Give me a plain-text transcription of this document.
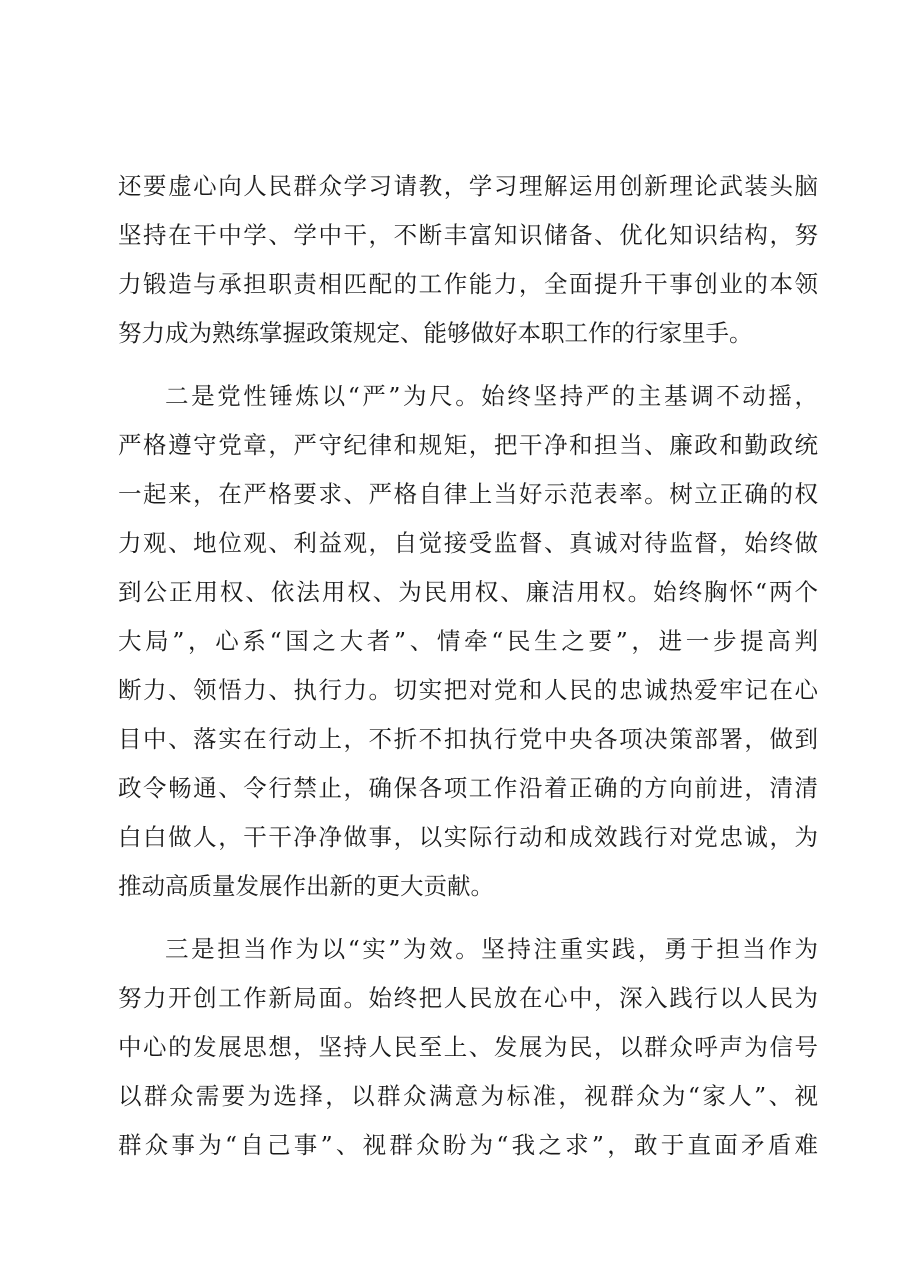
还要虚心向人民群众学习请教，学习理解运用创新理论武装头脑
坚持在干中学、学中干，不断丰富知识储备、优化知识结构，努
力锻造与承担职责相匹配的工作能力，全面提升干事创业的本领
努力成为熟练掌握政策规定、能够做好本职工作的行家里手。
二是党性锤炼以“严”为尺。始终坚持严的主基调不动摇，
严格遵守党章，严守纪律和规矩，把干净和担当、廉政和勤政统
一起来，在严格要求、严格自律上当好示范表率。树立正确的权
力观、地位观、利益观，自觉接受监督、真诚对待监督，始终做
到公正用权、依法用权、为民用权、廉洁用权。始终胸怀“两个
大局”，心系“国之大者”、情牵“民生之要”，进一步提高判
断力、领悟力、执行力。切实把对党和人民的忠诚热爱牢记在心
目中、落实在行动上，不折不扣执行党中央各项决策部署，做到
政令畅通、令行禁止，确保各项工作沿着正确的方向前进，清清
白白做人，干干净净做事，以实际行动和成效践行对党忠诚，为
推动高质量发展作出新的更大贡献。
三是担当作为以“实”为效。坚持注重实践，勇于担当作为
努力开创工作新局面。始终把人民放在心中，深入践行以人民为
中心的发展思想，坚持人民至上、发展为民，以群众呼声为信号
以群众需要为选择，以群众满意为标准，视群众为“家人”、视
群众事为“自己事”、视群众盼为“我之求”，敢于直面矛盾难
